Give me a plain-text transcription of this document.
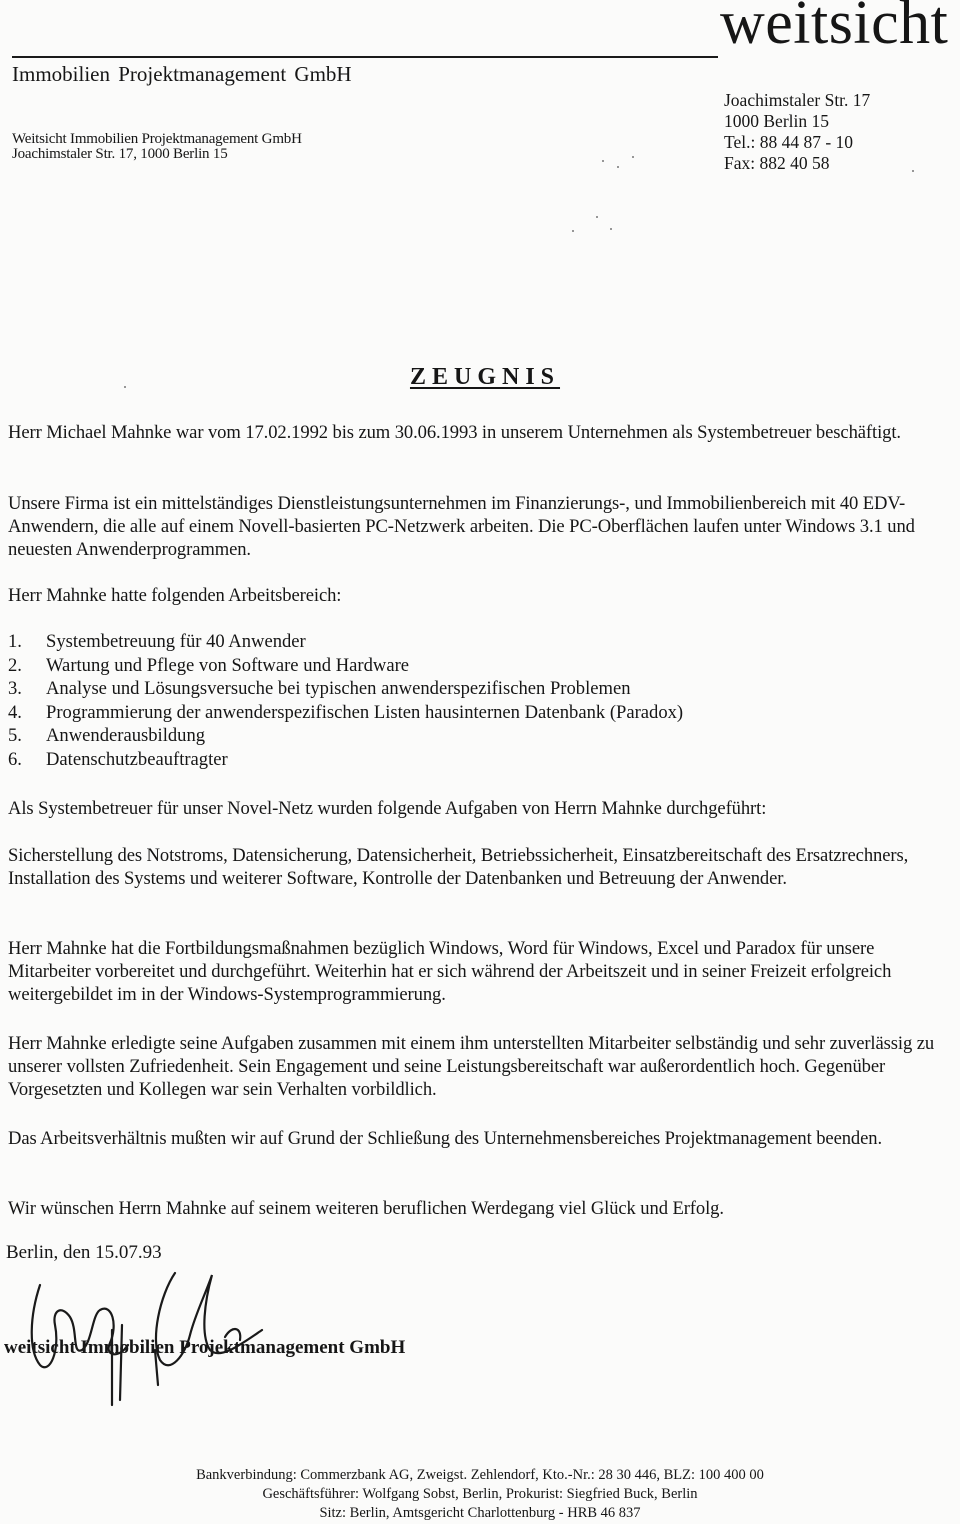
weitsicht
Immobilien Projektmanagement GmbH
Weitsicht Immobilien Projektmanagement GmbH
Joachimstaler Str. 17, 1000 Berlin 15
Joachimstaler Str. 17
1000 Berlin 15
Tel.: 88 44 87 - 10
Fax: 882 40 58
ZEUGNIS
Herr Michael Mahnke war vom 17.02.1992 bis zum 30.06.1993 in unserem Unternehmen als Systembetreuer beschäftigt.
Unsere Firma ist ein mittelständiges Dienstleistungsunternehmen im Finanzierungs-, und Immobilienbereich mit 40 EDV-Anwendern, die alle auf einem Novell-basierten PC-Netzwerk arbeiten. Die PC-Oberflächen laufen unter Windows 3.1 und neuesten Anwenderprogrammen.
Herr Mahnke hatte folgenden Arbeitsbereich:
1.	Systembetreuung für 40 Anwender
2.	Wartung und Pflege von Software und Hardware
3.	Analyse und Lösungsversuche bei typischen anwenderspezifischen Problemen
4.	Programmierung der anwenderspezifischen Listen hausinternen Datenbank (Paradox)
5.	Anwenderausbildung
6.	Datenschutzbeauftragter
Als Systembetreuer für unser Novel-Netz wurden folgende Aufgaben von Herrn Mahnke durchgeführt:
Sicherstellung des Notstroms, Datensicherung, Datensicherheit, Betriebssicherheit, Einsatzbereitschaft des Ersatzrechners, Installation des Systems und weiterer Software, Kontrolle der Datenbanken und Betreuung der Anwender.
Herr Mahnke hat die Fortbildungsmaßnahmen bezüglich Windows, Word für Windows, Excel und Paradox für unsere Mitarbeiter vorbereitet und durchgeführt. Weiterhin hat er sich während der Arbeitszeit und in seiner Freizeit erfolgreich weitergebildet im in der Windows-Systemprogrammierung.
Herr Mahnke erledigte seine Aufgaben zusammen mit einem ihm unterstellten Mitarbeiter selbständig und sehr zuverlässig zu unserer vollsten Zufriedenheit. Sein Engagement und seine Leistungsbereitschaft war außerordentlich hoch. Gegenüber Vorgesetzten und Kollegen war sein Verhalten vorbildlich.
Das Arbeitsverhältnis mußten wir auf Grund der Schließung des Unternehmensbereiches Projektmanagement beenden.
Wir wünschen Herrn Mahnke auf seinem weiteren beruflichen Werdegang viel Glück und Erfolg.
Berlin, den 15.07.93
weitsicht Immobilien Projektmanagement GmbH
Bankverbindung: Commerzbank AG, Zweigst. Zehlendorf, Kto.-Nr.: 28 30 446, BLZ: 100 400 00
Geschäftsführer: Wolfgang Sobst, Berlin, Prokurist: Siegfried Buck, Berlin
Sitz: Berlin, Amtsgericht Charlottenburg - HRB 46 837
